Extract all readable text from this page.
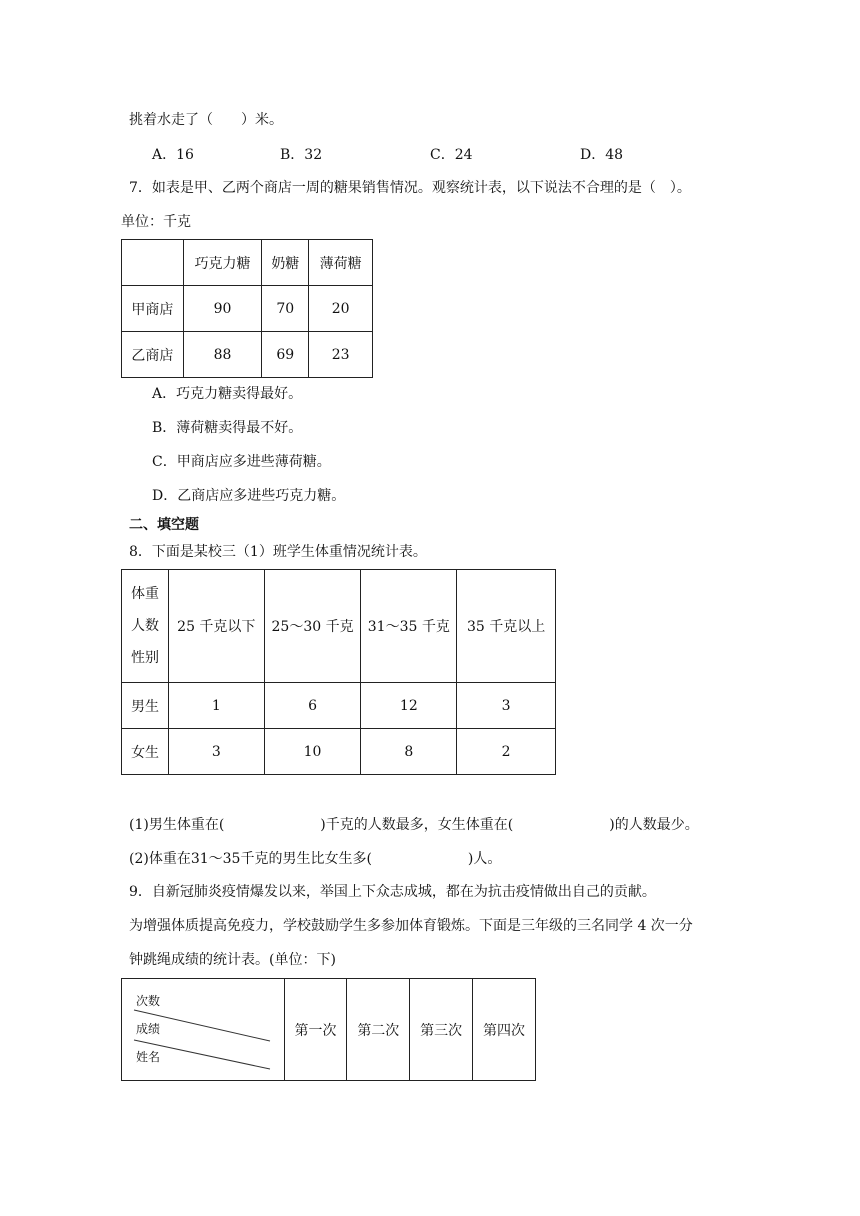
挑着水走了（　　）米。
A．16	B．32	C．24	D．48
7．如表是甲、乙两个商店一周的糖果销售情况。观察统计表，以下说法不合理的是（　）。
单位：千克
	巧克力糖	奶糖	薄荷糖
甲商店	90	70	20
乙商店	88	69	23
A．巧克力糖卖得最好。
B．薄荷糖卖得最不好。
C．甲商店应多进些薄荷糖。
D．乙商店应多进些巧克力糖。
二、填空题
8．下面是某校三（1）班学生体重情况统计表。
体重
人数
性别	25 千克以下	25～30 千克	31～35 千克	35 千克以上
男生	1	6	12	3
女生	3	10	8	2
(1)男生体重在(	)千克的人数最多，女生体重在(	)的人数最少。
(2)体重在31～35千克的男生比女生多(	)人。
9．自新冠肺炎疫情爆发以来，举国上下众志成城，都在为抗击疫情做出自己的贡献。
为增强体质提高免疫力，学校鼓励学生多参加体育锻炼。下面是三年级的三名同学 4 次一分
钟跳绳成绩的统计表。(单位：下)
次数
成绩
姓名
	第一次	第二次	第三次	第四次
